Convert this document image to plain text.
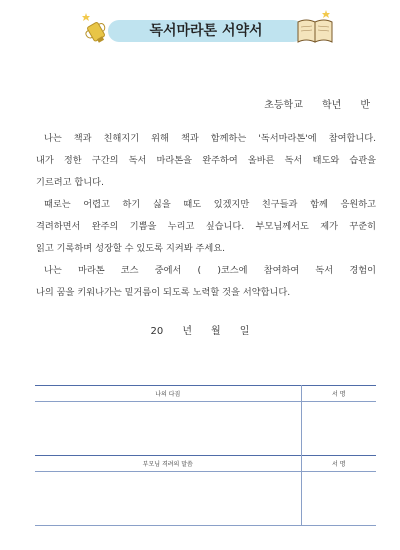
독서마라톤 서약서
초등학교      학년      반

나는 책과 친해지기 위해 책과 함께하는 '독서마라톤'에 참여합니다.

내가 정한 구간의 독서 마라톤을 완주하여 올바른 독서 태도와 습관을

기르려고 합니다.

때로는 어렵고 하기 싫을 때도 있겠지만 친구들과 함께 응원하고

격려하면서 완주의 기쁨을 누리고 싶습니다. 부모님께서도 제가 꾸준히

읽고 기록하며 성장할 수 있도록 지켜봐 주세요.

나는 마라톤 코스 중에서 ( )코스에 참여하여 독서 경험이

나의 꿈을 키워나가는 밑거름이 되도록 노력할 것을 서약합니다.

20      년      월      일
나의 다짐	서 명

부모님 격려의 말씀	서 명
